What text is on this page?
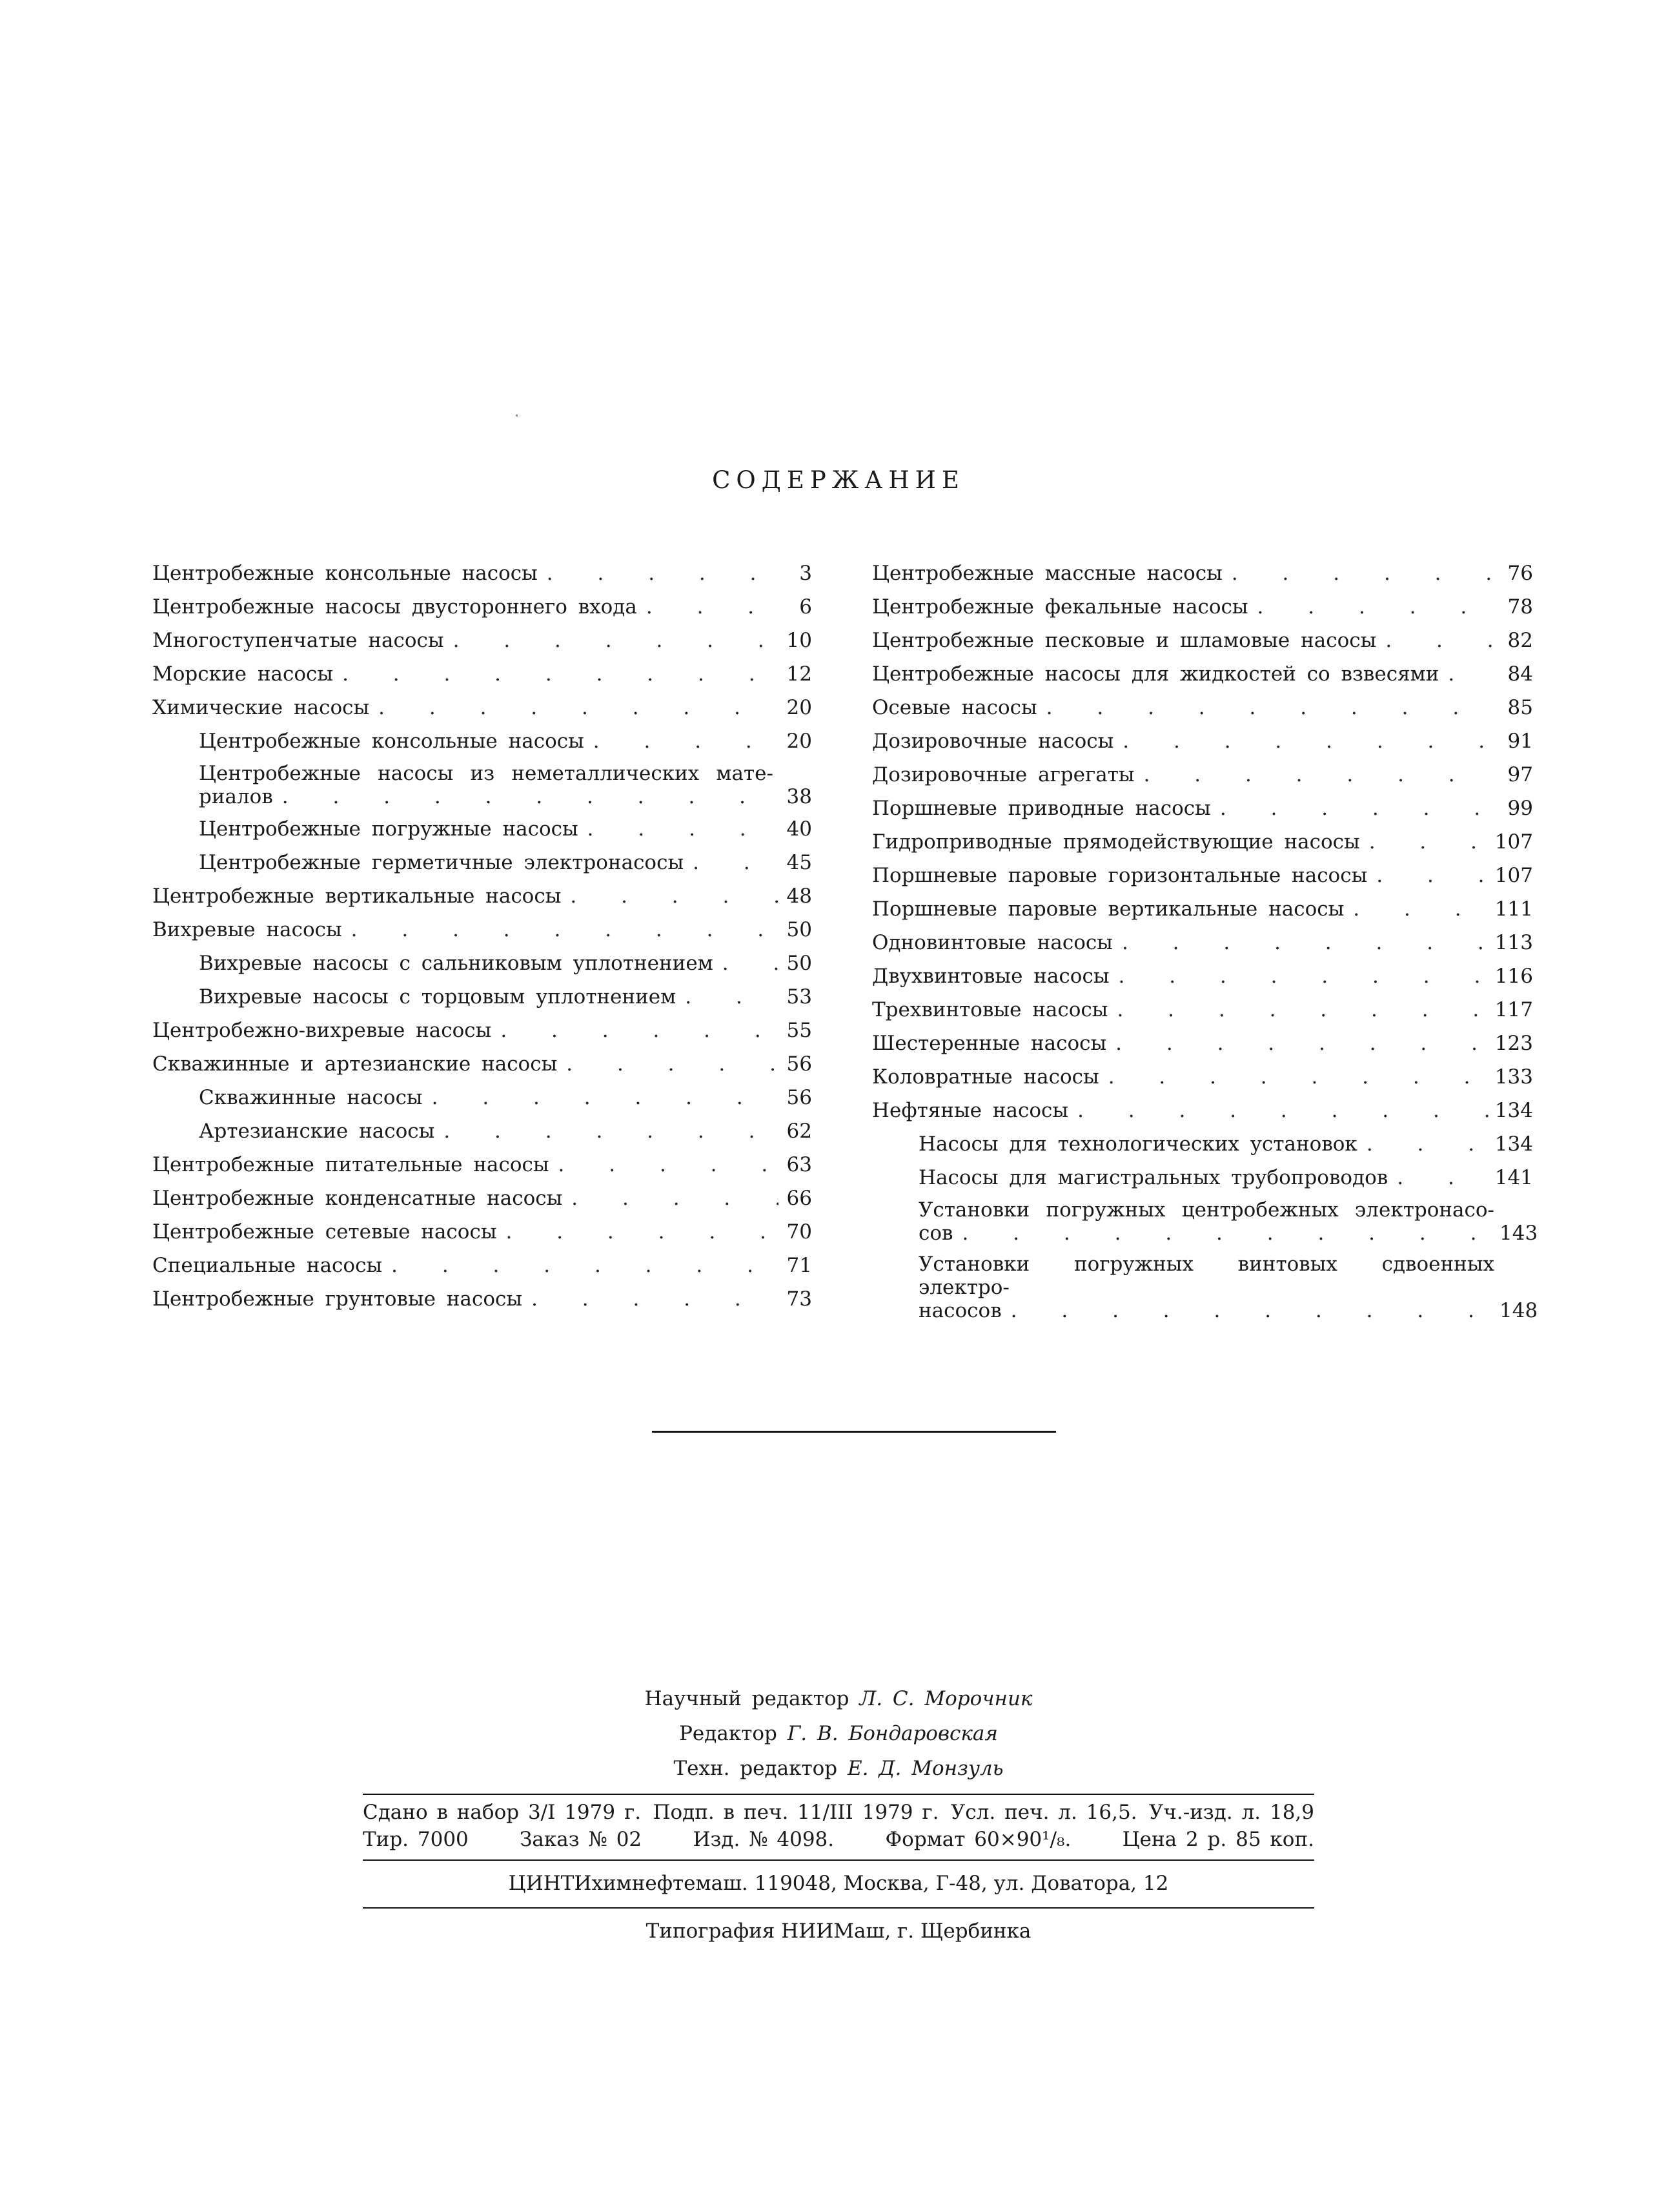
СОДЕРЖАНИЕ
Центробежные консольные насосы . . .	3
Центробежные насосы двустороннего входа . . .	6
Многоступенчатые насосы . . .	10
Морские насосы . . .	12
Химические насосы . . .	20
Центробежные консольные насосы . . .	20
Центробежные насосы из неметаллических мате-
риалов . . .	38
Центробежные погружные насосы . . .	40
Центробежные герметичные электронасосы . . .	45
Центробежные вертикальные насосы . . .	48
Вихревые насосы . . .	50
Вихревые насосы с сальниковым уплотнением . . .	50
Вихревые насосы с торцовым уплотнением . . .	53
Центробежно-вихревые насосы . . .	55
Скважинные и артезианские насосы . . .	56
Скважинные насосы . . .	56
Артезианские насосы . . .	62
Центробежные питательные насосы . . .	63
Центробежные конденсатные насосы . . .	66
Центробежные сетевые насосы . . .	70
Специальные насосы . . .	71
Центробежные грунтовые насосы . . .	73
Центробежные массные насосы . . .	76
Центробежные фекальные насосы . . .	78
Центробежные песковые и шламовые насосы . . .	82
Центробежные насосы для жидкостей со взвесями . . .	84
Осевые насосы . . .	85
Дозировочные насосы . . .	91
Дозировочные агрегаты . . .	97
Поршневые приводные насосы . . .	99
Гидроприводные прямодействующие насосы . . .	107
Поршневые паровые горизонтальные насосы . . .	107
Поршневые паровые вертикальные насосы . . .	111
Одновинтовые насосы . . .	113
Двухвинтовые насосы . . .	116
Трехвинтовые насосы . . .	117
Шестеренные насосы . . .	123
Коловратные насосы . . .	133
Нефтяные насосы . . .	134
Насосы для технологических установок . . .	134
Насосы для магистральных трубопроводов . . .	141
Установки погружных центробежных электронасо-
сов . . .	143
Установки погружных винтовых сдвоенных электро-
насосов . . .	148
Научный редактор Л. С. Морочник
Редактор Г. В. Бондаровская
Техн. редактор Е. Д. Монзуль
Сдано в набор 3/I 1979 г. Подп. в печ. 11/III 1979 г. Усл. печ. л. 16,5. Уч.-изд. л. 18,9
Тир. 7000	Заказ № 02	Изд. № 4098.	Формат 60×90¹/₈.	Цена 2 р. 85 коп.
ЦИНТИхимнефтемаш. 119048, Москва, Г-48, ул. Доватора, 12
Типография НИИМаш, г. Щербинка
